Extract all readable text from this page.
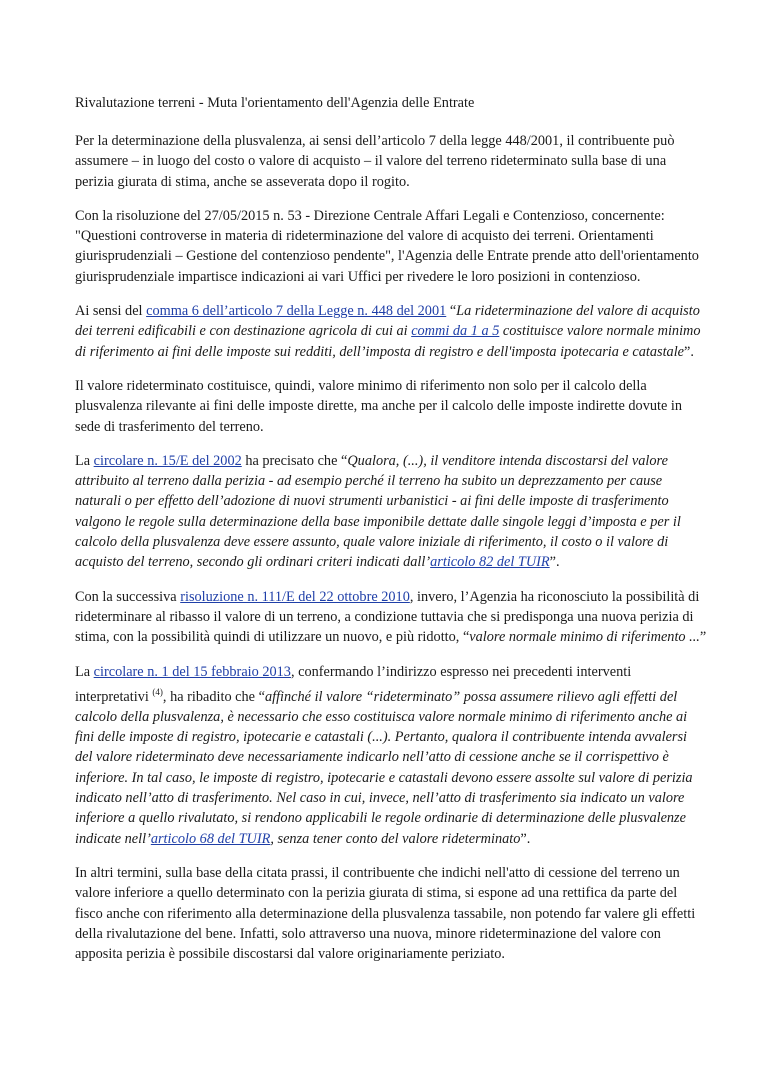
Rivalutazione terreni - Muta l'orientamento dell'Agenzia delle Entrate

Per la determinazione della plusvalenza, ai sensi dell’articolo 7 della legge 448/2001, il contribuente può assumere – in luogo del costo o valore di acquisto – il valore del terreno rideterminato sulla base di una perizia giurata di stima, anche se asseverata dopo il rogito.

Con la risoluzione del 27/05/2015 n. 53 - Direzione Centrale Affari Legali e Contenzioso, concernente: "Questioni controverse in materia di rideterminazione del valore di acquisto dei terreni. Orientamenti giurisprudenziali – Gestione del contenzioso pendente", l'Agenzia delle Entrate prende atto dell'orientamento giurisprudenziale impartisce indicazioni ai vari Uffici per rivedere le loro posizioni in contenzioso.

Ai sensi del comma 6 dell’articolo 7 della Legge n. 448 del 2001 “La rideterminazione del valore di acquisto dei terreni edificabili e con destinazione agricola di cui ai commi da 1 a 5 costituisce valore normale minimo di riferimento ai fini delle imposte sui redditi, dell’imposta di registro e dell'imposta ipotecaria e catastale”.

Il valore rideterminato costituisce, quindi, valore minimo di riferimento non solo per il calcolo della plusvalenza rilevante ai fini delle imposte dirette, ma anche per il calcolo delle imposte indirette dovute in sede di trasferimento del terreno.

La circolare n. 15/E del 2002 ha precisato che “Qualora, (...), il venditore intenda discostarsi del valore attribuito al terreno dalla perizia - ad esempio perché il terreno ha subito un deprezzamento per cause naturali o per effetto dell’adozione di nuovi strumenti urbanistici - ai fini delle imposte di trasferimento valgono le regole sulla determinazione della base imponibile dettate dalle singole leggi d’imposta e per il calcolo della plusvalenza deve essere assunto, quale valore iniziale di riferimento, il costo o il valore di acquisto del terreno, secondo gli ordinari criteri indicati dall’articolo 82 del TUIR”.

Con la successiva risoluzione n. 111/E del 22 ottobre 2010, invero, l’Agenzia ha riconosciuto la possibilità di rideterminare al ribasso il valore di un terreno, a condizione tuttavia che si predisponga una nuova perizia di stima, con la possibilità quindi di utilizzare un nuovo, e più ridotto, “valore normale minimo di riferimento ...”

La circolare n. 1 del 15 febbraio 2013, confermando l’indirizzo espresso nei precedenti interventi interpretativi $^{(4)}$, ha ribadito che “affinché il valore “rideterminato” possa assumere rilievo agli effetti del calcolo della plusvalenza, è necessario che esso costituisca valore normale minimo di riferimento anche ai fini delle imposte di registro, ipotecarie e catastali (...). Pertanto, qualora il contribuente intenda avvalersi del valore rideterminato deve necessariamente indicarlo nell’atto di cessione anche se il corrispettivo è inferiore. In tal caso, le imposte di registro, ipotecarie e catastali devono essere assolte sul valore di perizia indicato nell’atto di trasferimento. Nel caso in cui, invece, nell’atto di trasferimento sia indicato un valore inferiore a quello rivalutato, si rendono applicabili le regole ordinarie di determinazione delle plusvalenze indicate nell’articolo 68 del TUIR, senza tener conto del valore rideterminato”.

In altri termini, sulla base della citata prassi, il contribuente che indichi nell'atto di cessione del terreno un valore inferiore a quello determinato con la perizia giurata di stima, si espone ad una rettifica da parte del fisco anche con riferimento alla determinazione della plusvalenza tassabile, non potendo far valere gli effetti della rivalutazione del bene. Infatti, solo attraverso una nuova, minore rideterminazione del valore con apposita perizia è possibile discostarsi dal valore originariamente periziato.
